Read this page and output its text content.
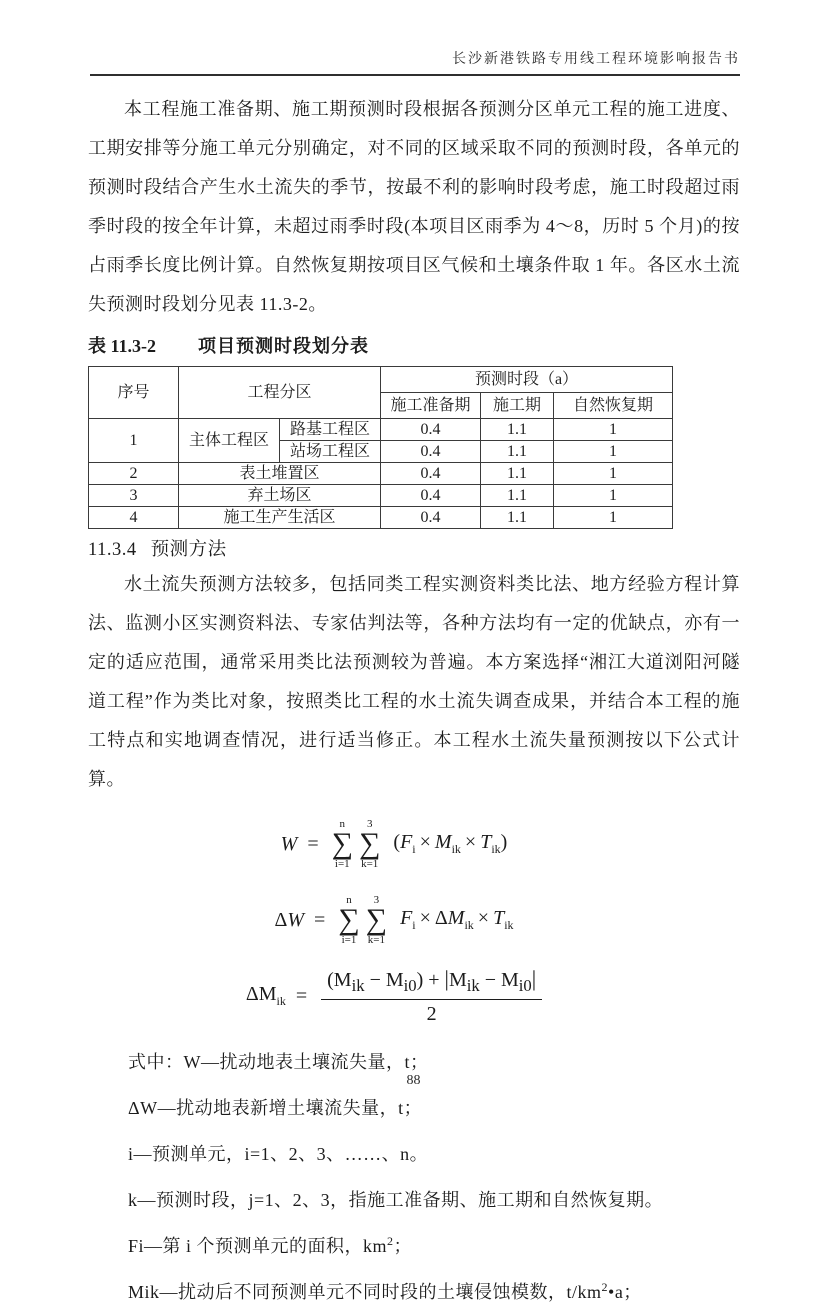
长沙新港铁路专用线工程环境影响报告书

本工程施工准备期、施工期预测时段根据各预测分区单元工程的施工进度、工期安排等分施工单元分别确定，对不同的区域采取不同的预测时段，各单元的预测时段结合产生水土流失的季节，按最不利的影响时段考虑，施工时段超过雨季时段的按全年计算，未超过雨季时段(本项目区雨季为 4～8，历时 5 个月)的按占雨季长度比例计算。自然恢复期按项目区气候和土壤条件取 1 年。各区水土流失预测时段划分见表 11.3-2。

表 11.3-2 项目预测时段划分表
序号	工程分区		预测时段（a）		
			施工准备期	施工期	自然恢复期
1	主体工程区	路基工程区	0.4	1.1	1
		站场工程区	0.4	1.1	1
2	表土堆置区		0.4	1.1	1
3	弃土场区		0.4	1.1	1
4	施工生产生活区		0.4	1.1	1
11.3.4 预测方法

水土流失预测方法较多，包括同类工程实测资料类比法、地方经验方程计算法、监测小区实测资料法、专家估判法等，各种方法均有一定的优缺点，亦有一定的适应范围，通常采用类比法预测较为普遍。本方案选择“湘江大道浏阳河隧道工程”作为类比对象，按照类比工程的水土流失调查成果，并结合本工程的施工特点和实地调查情况，进行适当修正。本工程水土流失量预测按以下公式计算。

W =
n
∑
i=1
3
∑
k=1
$(F_i \times M_{ik} \times T_{ik})$
ΔW =
n
∑
i=1
3
∑
k=1
$F_i \times \Delta M_{ik} \times T_{ik}$
$\Delta M_{ik} = \frac{(M_{ik} - M_{i0}) + |M_{ik} - M_{i0}|}{2}$
式中：W—扰动地表土壤流失量，t；
ΔW—扰动地表新增土壤流失量，t；
i—预测单元，i=1、2、3、……、n。
k—预测时段，j=1、2、3，指施工准备期、施工期和自然恢复期。
Fi—第 i 个预测单元的面积，$km^2$；
Mik—扰动后不同预测单元不同时段的土壤侵蚀模数，$t/km^2•a$；
88
